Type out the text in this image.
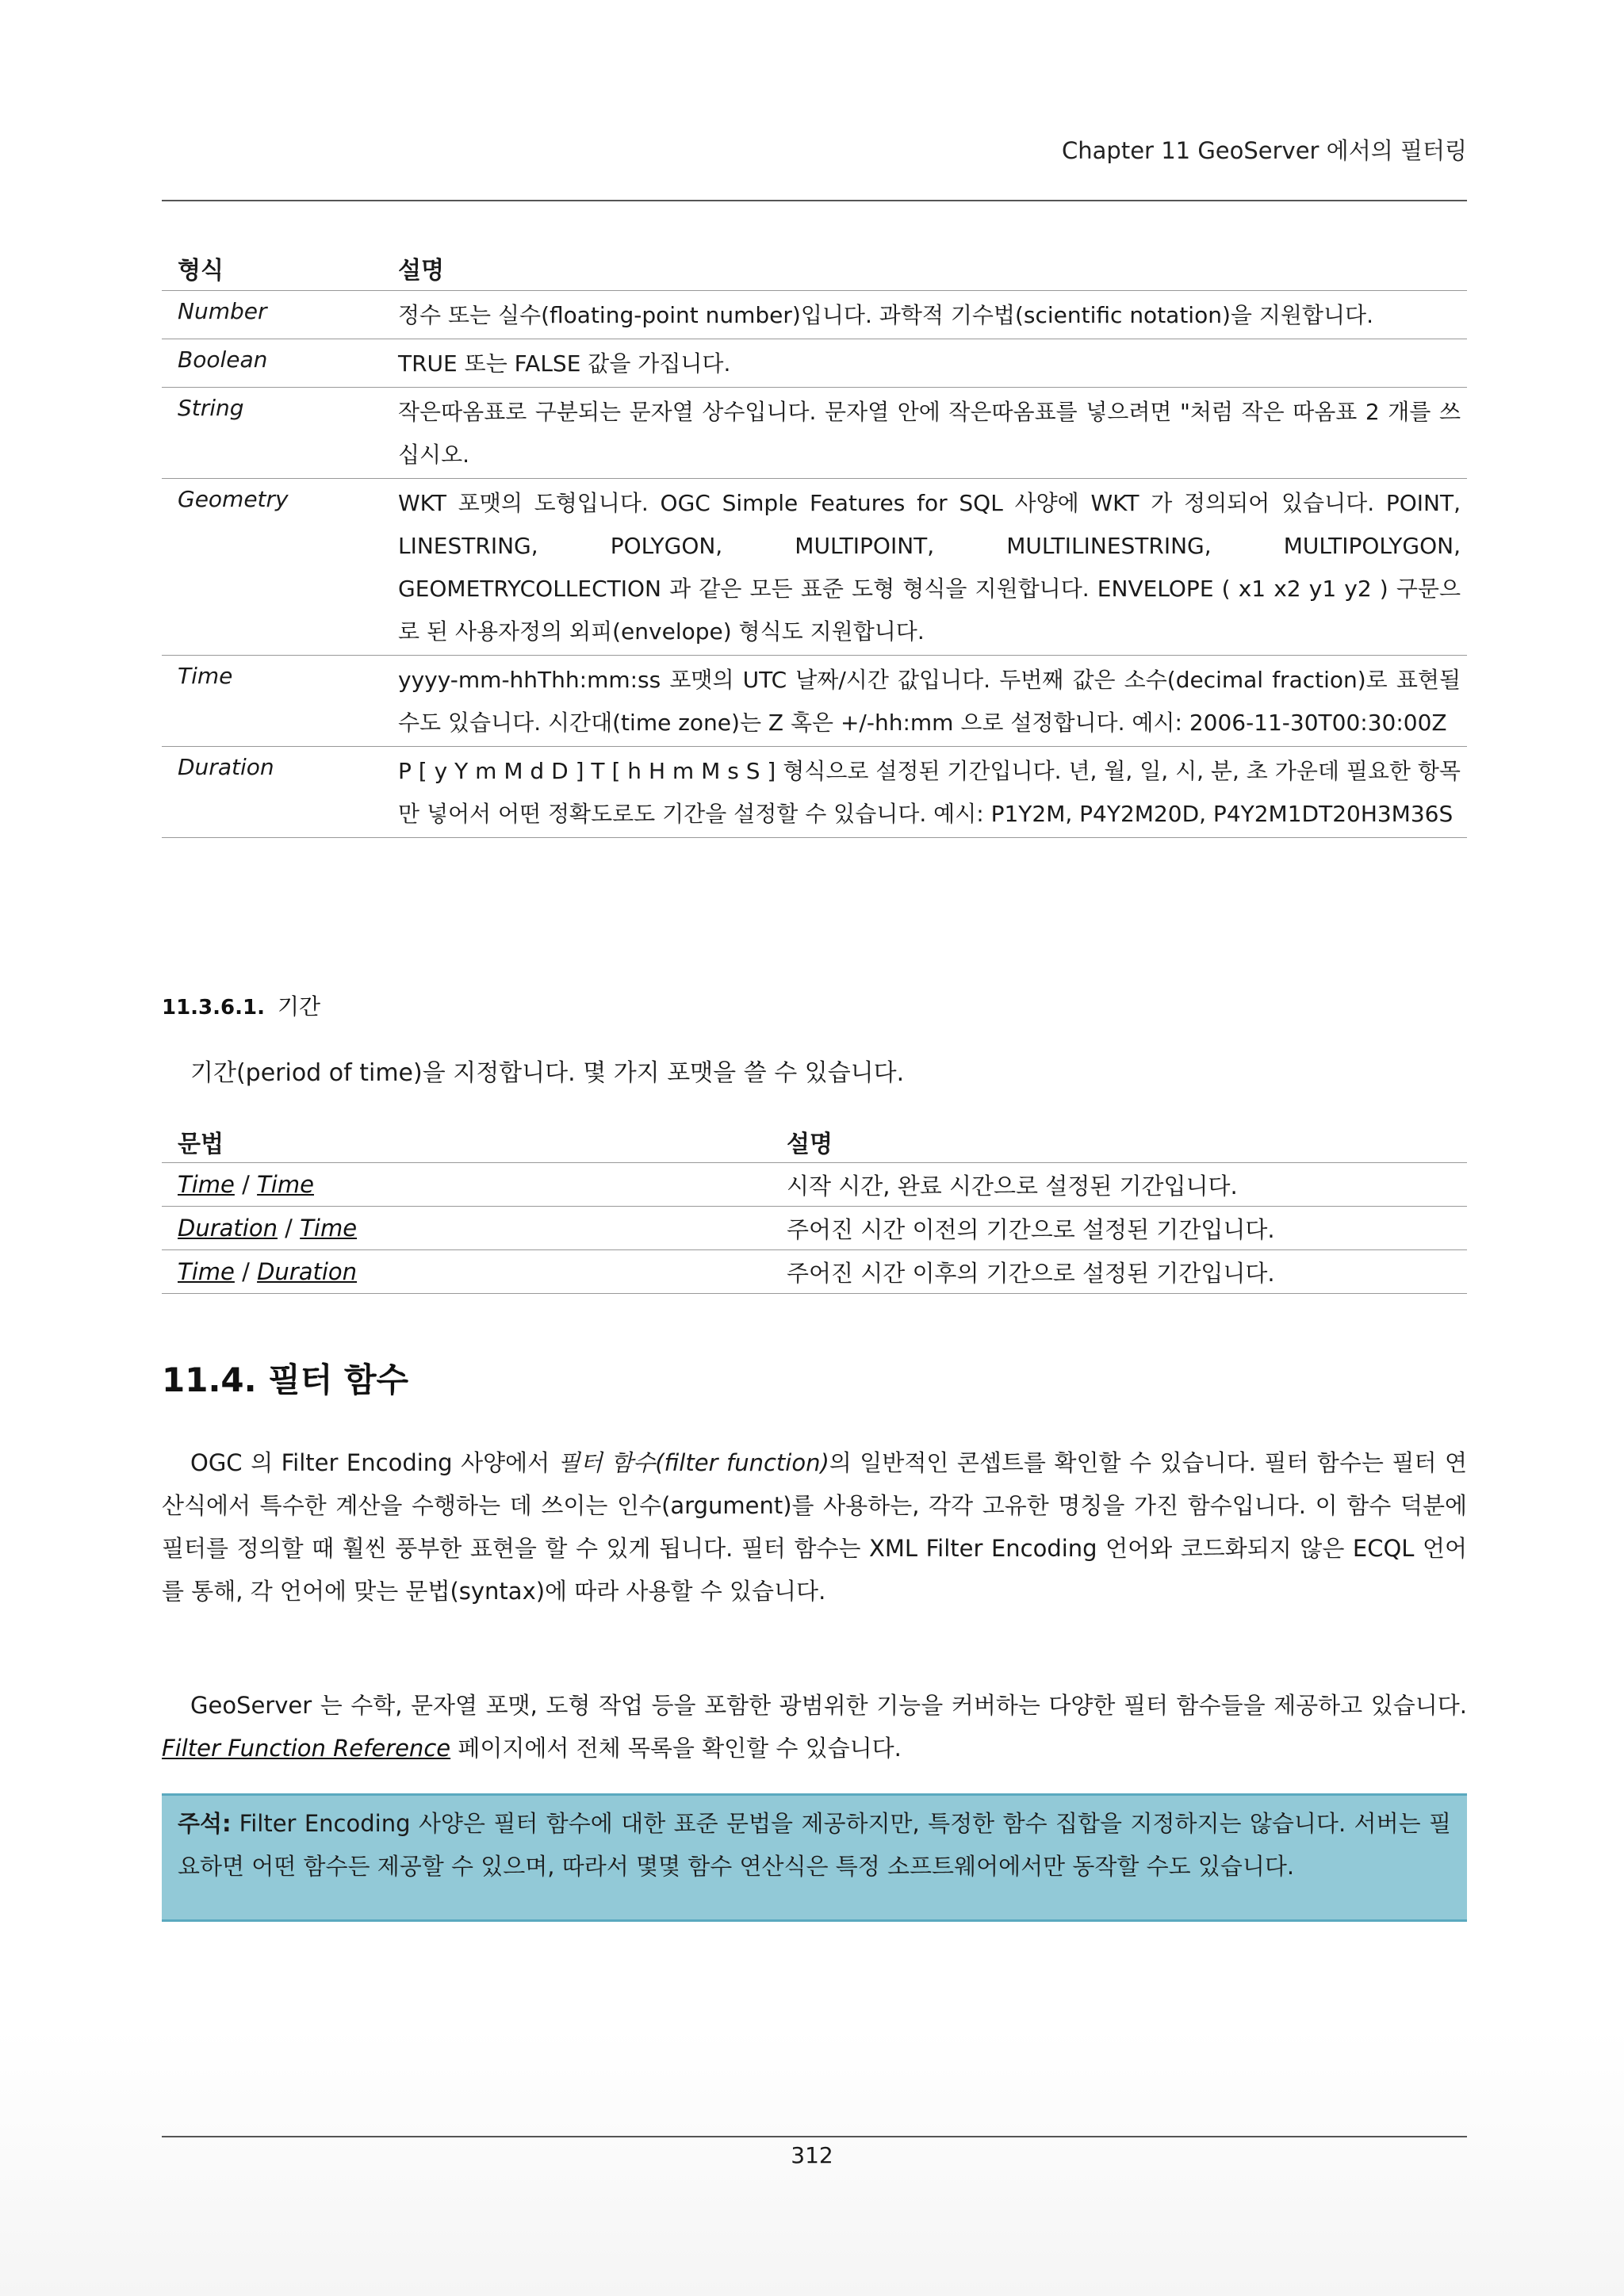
Chapter 11 GeoServer 에서의 필터링
형식	설명
Number	정수 또는 실수(floating-point number)입니다. 과학적 기수법(scientific notation)을 지원합니다.
Boolean	TRUE 또는 FALSE 값을 가집니다.
String	작은따옴표로 구분되는 문자열 상수입니다. 문자열 안에 작은따옴표를 넣으려면 "처럼 작은 따옴표 2 개를 쓰십시오.
Geometry	WKT 포맷의 도형입니다. OGC Simple Features for SQL 사양에 WKT 가 정의되어 있습니다. POINT, LINESTRING, POLYGON, MULTIPOINT, MULTILINESTRING, MULTIPOLYGON, GEOMETRYCOLLECTION 과 같은 모든 표준 도형 형식을 지원합니다. ENVELOPE ( x1 x2 y1 y2 ) 구문으로 된 사용자정의 외피(envelope) 형식도 지원합니다.
Time	yyyy-mm-hhThh:mm:ss 포맷의 UTC 날짜/시간 값입니다. 두번째 값은 소수(decimal fraction)로 표현될 수도 있습니다. 시간대(time zone)는 Z 혹은 +/-hh:mm 으로 설정합니다. 예시: 2006-11-30T00:30:00Z
Duration	P [ y Y m M d D ] T [ h H m M s S ] 형식으로 설정된 기간입니다. 년, 월, 일, 시, 분, 초 가운데 필요한 항목만 넣어서 어떤 정확도로도 기간을 설정할 수 있습니다. 예시: P1Y2M, P4Y2M20D, P4Y2M1DT20H3M36S
11.3.6.1. 기간
기간(period of time)을 지정합니다. 몇 가지 포맷을 쓸 수 있습니다.
문법	설명
Time / Time	시작 시간, 완료 시간으로 설정된 기간입니다.
Duration / Time	주어진 시간 이전의 기간으로 설정된 기간입니다.
Time / Duration	주어진 시간 이후의 기간으로 설정된 기간입니다.
11.4. 필터 함수
OGC 의 Filter Encoding 사양에서 필터 함수(filter function)의 일반적인 콘셉트를 확인할 수 있습니다. 필터 함수는 필터 연산식에서 특수한 계산을 수행하는 데 쓰이는 인수(argument)를 사용하는, 각각 고유한 명칭을 가진 함수입니다. 이 함수 덕분에 필터를 정의할 때 훨씬 풍부한 표현을 할 수 있게 됩니다. 필터 함수는 XML Filter Encoding 언어와 코드화되지 않은 ECQL 언어를 통해, 각 언어에 맞는 문법(syntax)에 따라 사용할 수 있습니다.
GeoServer 는 수학, 문자열 포맷, 도형 작업 등을 포함한 광범위한 기능을 커버하는 다양한 필터 함수들을 제공하고 있습니다. Filter Function Reference 페이지에서 전체 목록을 확인할 수 있습니다.
주석: Filter Encoding 사양은 필터 함수에 대한 표준 문법을 제공하지만, 특정한 함수 집합을 지정하지는 않습니다. 서버는 필요하면 어떤 함수든 제공할 수 있으며, 따라서 몇몇 함수 연산식은 특정 소프트웨어에서만 동작할 수도 있습니다.
312
